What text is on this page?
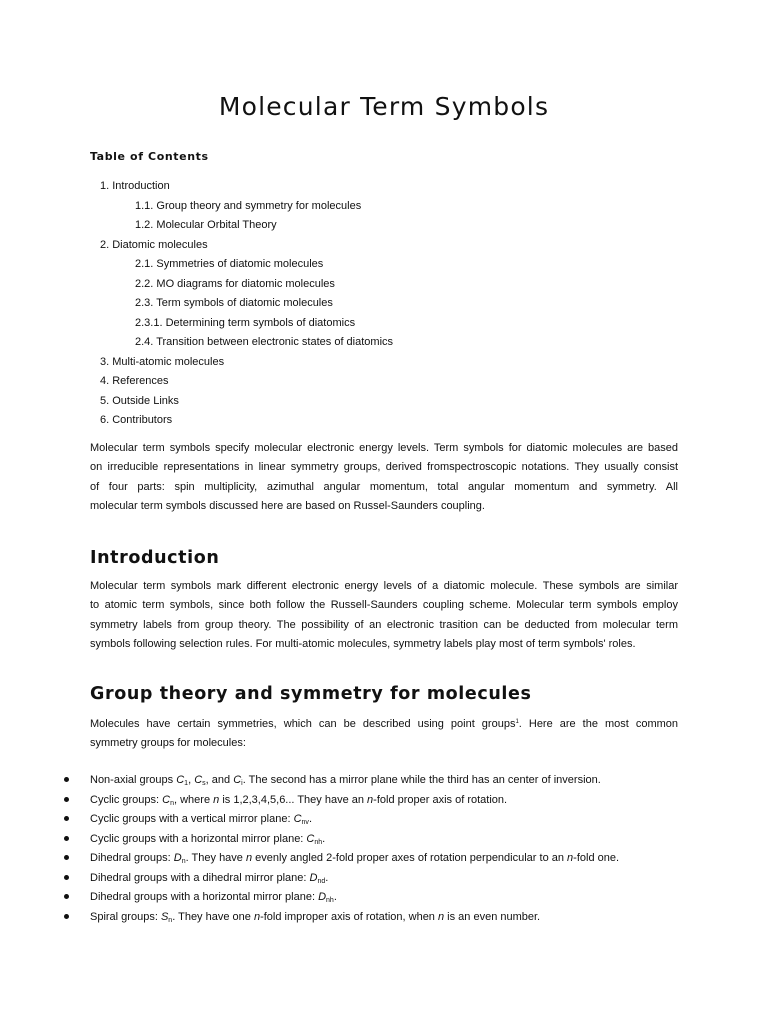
Molecular Term Symbols
Table of Contents
1. Introduction
1.1. Group theory and symmetry for molecules
1.2. Molecular Orbital Theory
2. Diatomic molecules
2.1. Symmetries of diatomic molecules
2.2. MO diagrams for diatomic molecules
2.3. Term symbols of diatomic molecules
2.3.1. Determining term symbols of diatomics
2.4. Transition between electronic states of diatomics
3. Multi-atomic molecules
4. References
5. Outside Links
6. Contributors

Molecular term symbols specify molecular electronic energy levels. Term symbols for diatomic molecules are based
on irreducible representations in linear symmetry groups, derived fromspectroscopic notations. They usually consist
of four parts: spin multiplicity, azimuthal angular momentum, total angular momentum and symmetry. All
molecular term symbols discussed here are based on Russel-Saunders coupling.

Introduction

Molecular term symbols mark different electronic energy levels of a diatomic molecule. These symbols are similar
to atomic term symbols, since both follow the Russell-Saunders coupling scheme. Molecular term symbols employ
symmetry labels from group theory. The possibility of an electronic trasition can be deducted from molecular term
symbols following selection rules. For multi-atomic molecules, symmetry labels play most of term symbols' roles.

Group theory and symmetry for molecules

Molecules have certain symmetries, which can be described using point groups$^1$. Here are the most common
symmetry groups for molecules:

Non-axial groups $C_1$, $C_s$, and $C_i$. The second has a mirror plane while the third has an center of inversion.
Cyclic groups: $C_n$, where n is 1,2,3,4,5,6... They have an n-fold proper axis of rotation.
Cyclic groups with a vertical mirror plane: $C_{nv}$.
Cyclic groups with a horizontal mirror plane: $C_{nh}$.
Dihedral groups: $D_n$. They have n evenly angled 2-fold proper axes of rotation perpendicular to an n-fold one.
Dihedral groups with a dihedral mirror plane: $D_{nd}$.
Dihedral groups with a horizontal mirror plane: $D_{nh}$.
Spiral groups: $S_n$. They have one n-fold improper axis of rotation, when n is an even number.
